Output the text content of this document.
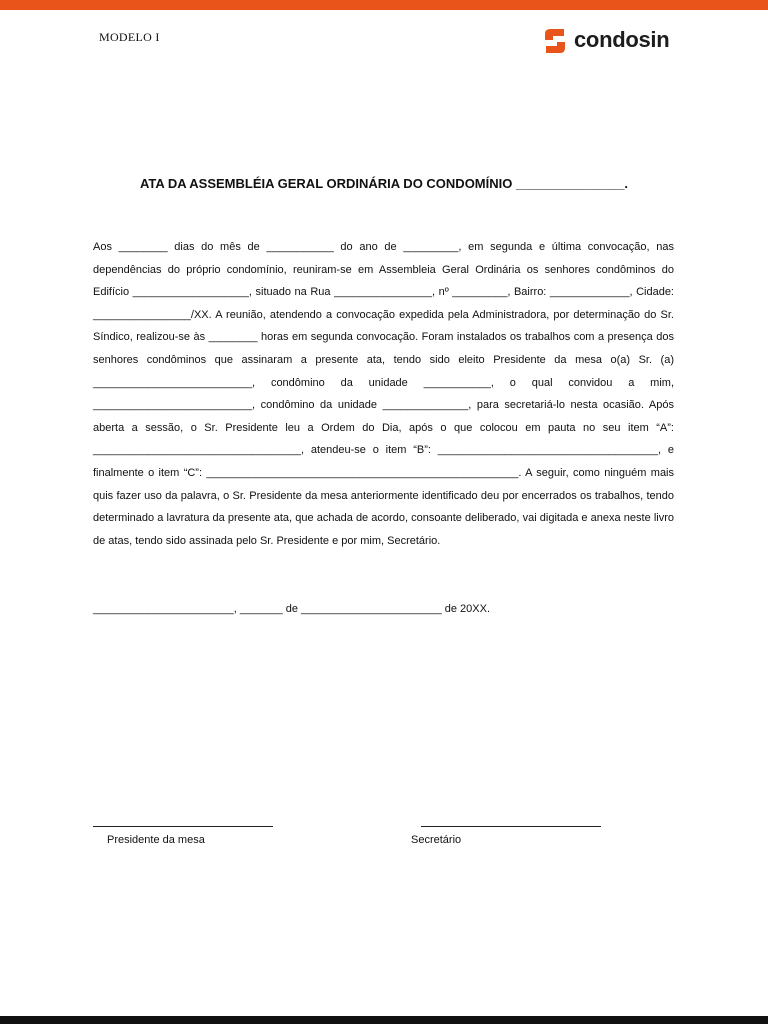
MODELO I	condosin
ATA DA ASSEMBLÉIA GERAL ORDINÁRIA DO CONDOMÍNIO _______________.

Aos ________ dias do mês de ___________ do ano de _________, em segunda e última convocação, nas dependências do próprio condomínio, reuniram-se em Assembleia Geral Ordinária os senhores condôminos do Edifício ___________________, situado na Rua ________________, nº _________, Bairro: _____________, Cidade: ________________/XX. A reunião, atendendo a convocação expedida pela Administradora, por determinação do Sr. Síndico, realizou-se às ________ horas em segunda convocação. Foram instalados os trabalhos com a presença dos senhores condôminos que assinaram a presente ata, tendo sido eleito Presidente da mesa o(a) Sr. (a) __________________________, condômino da unidade ___________, o qual convidou a mim, __________________________, condômino da unidade ______________, para secretariá-lo nesta ocasião. Após aberta a sessão, o Sr. Presidente leu a Ordem do Dia, após o que colocou em pauta no seu item “A”: __________________________________, atendeu-se o item “B”: ____________________________________, e finalmente o item “C”: ___________________________________________________. A seguir, como ninguém mais quis fazer uso da palavra, o Sr. Presidente da mesa anteriormente identificado deu por encerrados os trabalhos, tendo determinado a lavratura da presente ata, que achada de acordo, consoante deliberado, vai digitada e anexa neste livro de atas, tendo sido assinada pelo Sr. Presidente e por mim, Secretário.

_______________________, _______ de _______________________ de 20XX.
Presidente da mesa	Secretário
